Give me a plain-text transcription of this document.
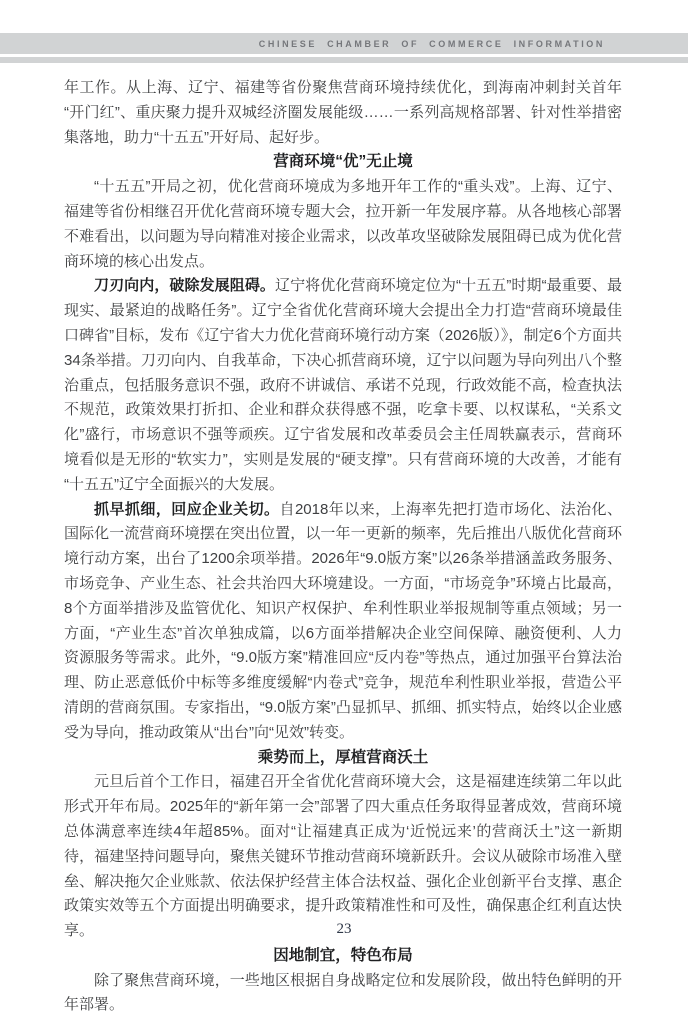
CHINESE CHAMBER OF COMMERCE INFORMATION

年工作。从上海、辽宁、福建等省份聚焦营商环境持续优化，到海南冲刺封关首年“开门红”、重庆聚力提升双城经济圈发展能级……一系列高规格部署、针对性举措密集落地，助力“十五五”开好局、起好步。

营商环境“优”无止境

“十五五”开局之初，优化营商环境成为多地开年工作的“重头戏”。上海、辽宁、福建等省份相继召开优化营商环境专题大会，拉开新一年发展序幕。从各地核心部署不难看出，以问题为导向精准对接企业需求，以改革攻坚破除发展阻碍已成为优化营商环境的核心出发点。

刀刃向内，破除发展阻碍。辽宁将优化营商环境定位为“十五五”时期“最重要、最现实、最紧迫的战略任务”。辽宁全省优化营商环境大会提出全力打造“营商环境最佳口碑省”目标，发布《辽宁省大力优化营商环境行动方案（2026版）》，制定6个方面共34条举措。刀刃向内、自我革命，下决心抓营商环境，辽宁以问题为导向列出八个整治重点，包括服务意识不强，政府不讲诚信、承诺不兑现，行政效能不高，检查执法不规范，政策效果打折扣、企业和群众获得感不强，吃拿卡要、以权谋私，“关系文化”盛行，市场意识不强等顽疾。辽宁省发展和改革委员会主任周轶赢表示，营商环境看似是无形的“软实力”，实则是发展的“硬支撑”。只有营商环境的大改善，才能有“十五五”辽宁全面振兴的大发展。

抓早抓细，回应企业关切。自2018年以来，上海率先把打造市场化、法治化、国际化一流营商环境摆在突出位置，以一年一更新的频率，先后推出八版优化营商环境行动方案，出台了1200余项举措。2026年“9.0版方案”以26条举措涵盖政务服务、市场竞争、产业生态、社会共治四大环境建设。一方面，“市场竞争”环境占比最高，8个方面举措涉及监管优化、知识产权保护、牟利性职业举报规制等重点领域；另一方面，“产业生态”首次单独成篇，以6方面举措解决企业空间保障、融资便利、人力资源服务等需求。此外，“9.0版方案”精准回应“反内卷”等热点，通过加强平台算法治理、防止恶意低价中标等多维度缓解“内卷式”竞争，规范牟利性职业举报，营造公平清朗的营商氛围。专家指出，“9.0版方案”凸显抓早、抓细、抓实特点，始终以企业感受为导向，推动政策从“出台”向“见效”转变。

乘势而上，厚植营商沃土

元旦后首个工作日，福建召开全省优化营商环境大会，这是福建连续第二年以此形式开年布局。2025年的“新年第一会”部署了四大重点任务取得显著成效，营商环境总体满意率连续4年超85%。面对“让福建真正成为‘近悦远来’的营商沃土”这一新期待，福建坚持问题导向，聚焦关键环节推动营商环境新跃升。会议从破除市场准入壁垒、解决拖欠企业账款、依法保护经营主体合法权益、强化企业创新平台支撑、惠企政策实效等五个方面提出明确要求，提升政策精准性和可及性，确保惠企红利直达快享。

因地制宜，特色布局

除了聚焦营商环境，一些地区根据自身战略定位和发展阶段，做出特色鲜明的开年部署。

23
